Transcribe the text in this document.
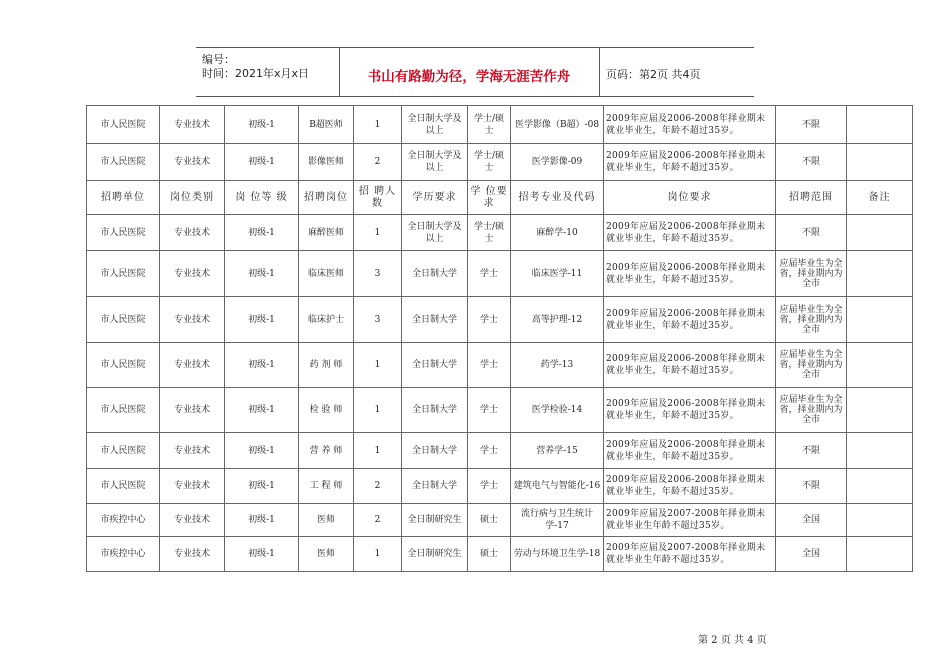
编号：
时间：2021年x月x日	书山有路勤为径，学海无涯苦作舟	页码：第2页 共4页
市人民医院	专业技术	初级-1	B超医师	1	全日制大学及以上	学士/硕士	医学影像（B超）-08	2009年应届及2006-2008年择业期未就业毕业生，年龄不超过35岁。	不限	
市人民医院	专业技术	初级-1	影像医师	2	全日制大学及以上	学士/硕士	医学影像-09	2009年应届及2006-2008年择业期未就业毕业生，年龄不超过35岁。	不限	
招聘单位	岗位类别	岗 位等 级	招聘岗位	招 聘人 数	学历要求	学 位要 求	招考专业及代码	岗位要求	招聘范围	备注
市人民医院	专业技术	初级-1	麻醉医师	1	全日制大学及以上	学士/硕士	麻醉学-10	2009年应届及2006-2008年择业期未就业毕业生，年龄不超过35岁。	不限	
市人民医院	专业技术	初级-1	临床医师	3	全日制大学	学士	临床医学-11	2009年应届及2006-2008年择业期未就业毕业生，年龄不超过35岁。	应届毕业生为全省，择业期内为全市	
市人民医院	专业技术	初级-1	临床护士	3	全日制大学	学士	高等护理-12	2009年应届及2006-2008年择业期未就业毕业生，年龄不超过35岁。	应届毕业生为全省，择业期内为全市	
市人民医院	专业技术	初级-1	药 剂 师	1	全日制大学	学士	药学-13	2009年应届及2006-2008年择业期未就业毕业生，年龄不超过35岁。	应届毕业生为全省，择业期内为全市	
市人民医院	专业技术	初级-1	检 验 师	1	全日制大学	学士	医学检验-14	2009年应届及2006-2008年择业期未就业毕业生，年龄不超过35岁。	应届毕业生为全省，择业期内为全市	
市人民医院	专业技术	初级-1	营 养 师	1	全日制大学	学士	营养学-15	2009年应届及2006-2008年择业期未就业毕业生，年龄不超过35岁。	不限	
市人民医院	专业技术	初级-1	工 程 师	2	全日制大学	学士	建筑电气与智能化-16	2009年应届及2006-2008年择业期未就业毕业生，年龄不超过35岁。	不限	
市疾控中心	专业技术	初级-1	医师	2	全日制研究生	硕士	流行病与卫生统计学-17	2009年应届及2007-2008年择业期未就业毕业生年龄不超过35岁。	全国	
市疾控中心	专业技术	初级-1	医师	1	全日制研究生	硕士	劳动与环境卫生学-18	2009年应届及2007-2008年择业期未就业毕业生年龄不超过35岁。	全国	
第 2 页 共 4 页
